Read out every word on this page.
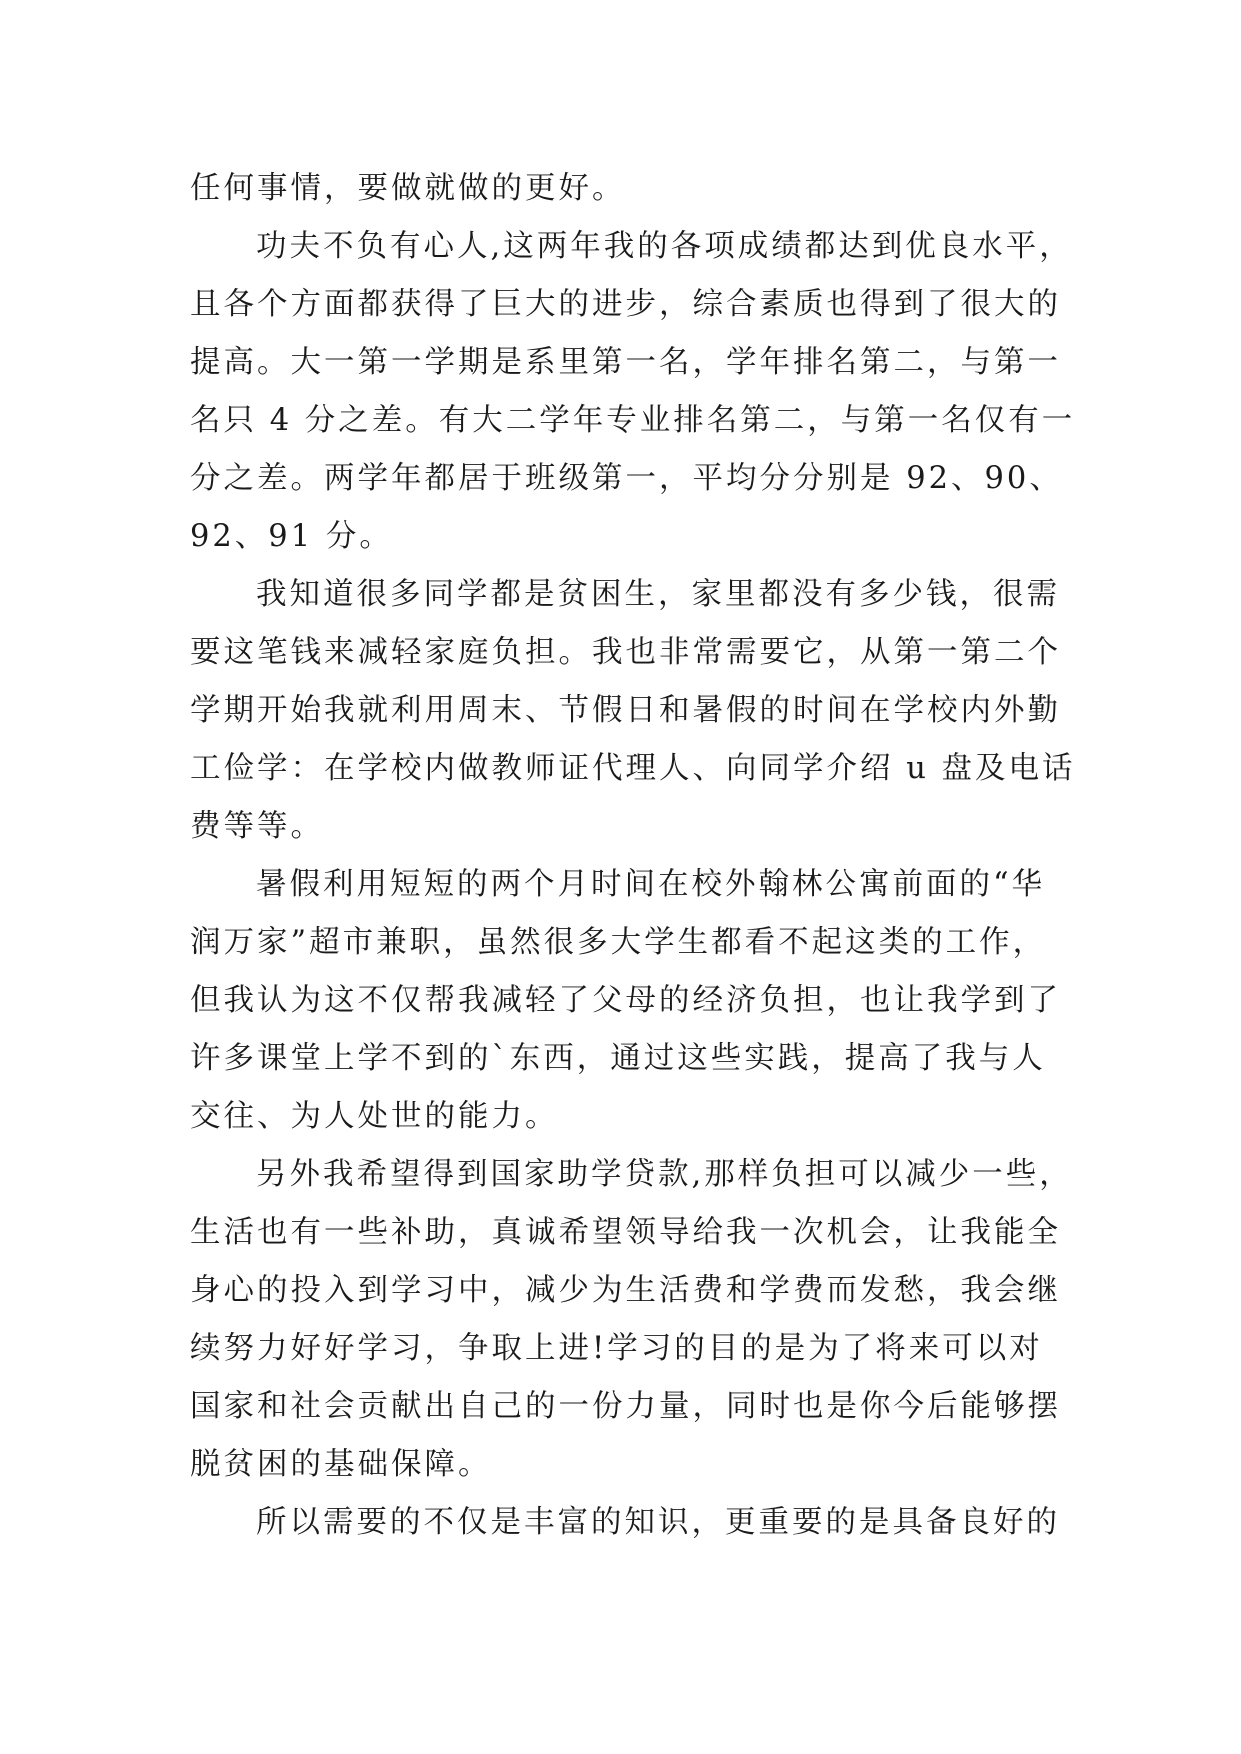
任何事情，要做就做的更好。
功夫不负有心人,这两年我的各项成绩都达到优良水平，
且各个方面都获得了巨大的进步，综合素质也得到了很大的
提高。大一第一学期是系里第一名，学年排名第二，与第一
名只 4 分之差。有大二学年专业排名第二，与第一名仅有一
分之差。两学年都居于班级第一，平均分分别是 92、90、
92、91 分。
我知道很多同学都是贫困生，家里都没有多少钱，很需
要这笔钱来减轻家庭负担。我也非常需要它，从第一第二个
学期开始我就利用周末、节假日和暑假的时间在学校内外勤
工俭学：在学校内做教师证代理人、向同学介绍 u 盘及电话
费等等。
暑假利用短短的两个月时间在校外翰林公寓前面的“华
润万家”超市兼职，虽然很多大学生都看不起这类的工作，
但我认为这不仅帮我减轻了父母的经济负担，也让我学到了
许多课堂上学不到的`东西，通过这些实践，提高了我与人
交往、为人处世的能力。
另外我希望得到国家助学贷款,那样负担可以减少一些，
生活也有一些补助，真诚希望领导给我一次机会，让我能全
身心的投入到学习中，减少为生活费和学费而发愁，我会继
续努力好好学习，争取上进!学习的目的是为了将来可以对
国家和社会贡献出自己的一份力量，同时也是你今后能够摆
脱贫困的基础保障。
所以需要的不仅是丰富的知识，更重要的是具备良好的
